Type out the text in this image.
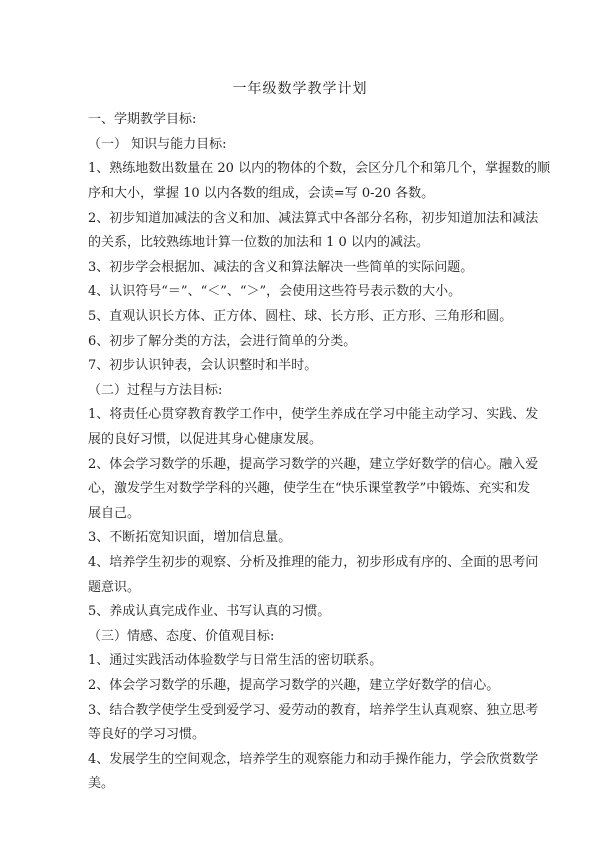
一年级数学教学计划
一、学期教学目标:
（一） 知识与能力目标:
1、熟练地数出数量在 20 以内的物体的个数，会区分几个和第几个，掌握数的顺
序和大小，掌握 10 以内各数的组成，会读=写 0-20 各数。
2、初步知道加减法的含义和加、减法算式中各部分名称，初步知道加法和减法
的关系，比较熟练地计算一位数的加法和 1 0 以内的减法。
3、初步学会根据加、减法的含义和算法解决一些简单的实际问题。
4、认识符号“＝”、“＜”、“＞”，会使用这些符号表示数的大小。
5、直观认识长方体、正方体、圆柱、球、长方形、正方形、三角形和圆。
6、初步了解分类的方法，会进行简单的分类。
7、初步认识钟表，会认识整时和半时。
（二）过程与方法目标:
1、将责任心贯穿教育教学工作中，使学生养成在学习中能主动学习、实践、发
展的良好习惯，以促进其身心健康发展。
2、体会学习数学的乐趣，提高学习数学的兴趣，建立学好数学的信心。融入爱
心，激发学生对数学学科的兴趣，使学生在“快乐课堂教学”中锻炼、充实和发
展自己。
3、不断拓宽知识面，增加信息量。
4、培养学生初步的观察、分析及推理的能力，初步形成有序的、全面的思考问
题意识。
5、养成认真完成作业、书写认真的习惯。
（三）情感、态度、价值观目标:
1、通过实践活动体验数学与日常生活的密切联系。
2、体会学习数学的乐趣，提高学习数学的兴趣，建立学好数学的信心。
3、结合教学使学生受到爱学习、爱劳动的教育，培养学生认真观察、独立思考
等良好的学习习惯。
4、发展学生的空间观念，培养学生的观察能力和动手操作能力，学会欣赏数学
美。
